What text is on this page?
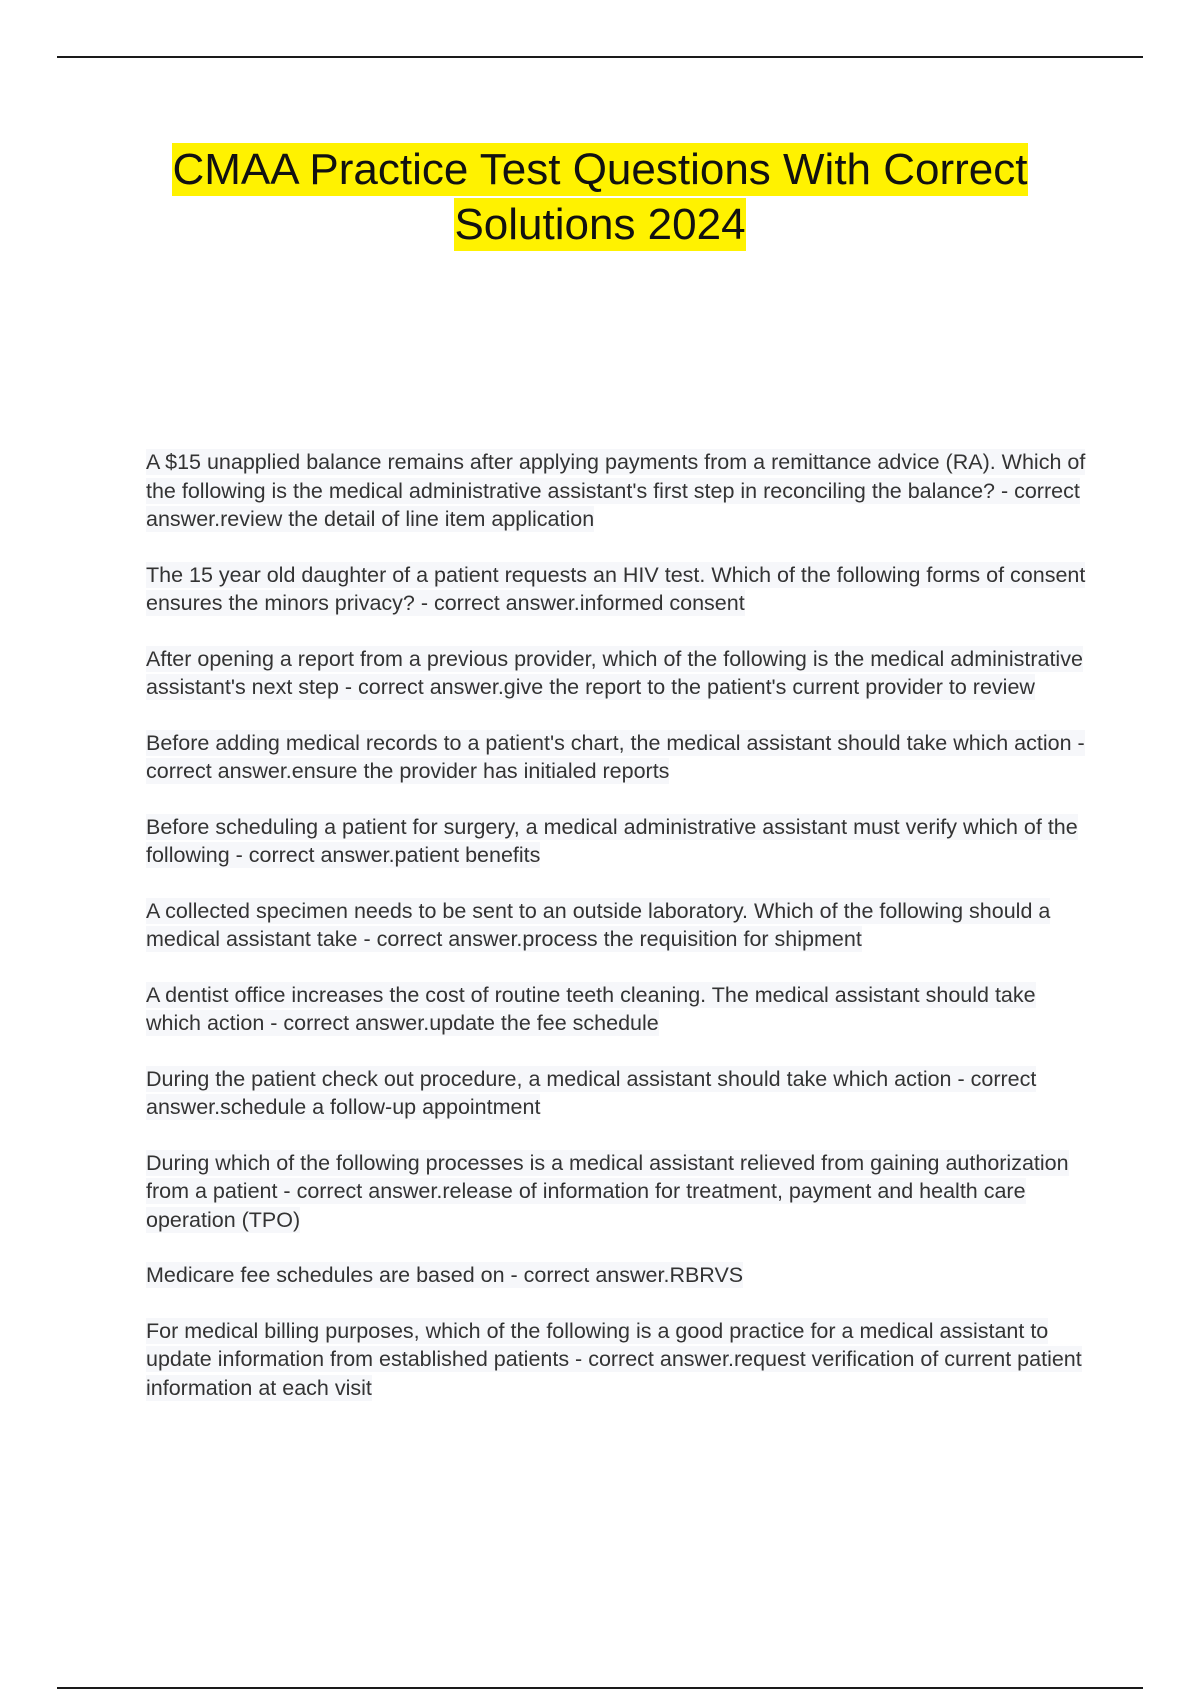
CMAA Practice Test Questions With Correct Solutions 2024
A $15 unapplied balance remains after applying payments from a remittance advice (RA). Which of the following is the medical administrative assistant's first step in reconciling the balance? - correct answer.review the detail of line item application
The 15 year old daughter of a patient requests an HIV test. Which of the following forms of consent ensures the minors privacy? - correct answer.informed consent
After opening a report from a previous provider, which of the following is the medical administrative assistant's next step - correct answer.give the report to the patient's current provider to review
Before adding medical records to a patient's chart, the medical assistant should take which action - correct answer.ensure the provider has initialed reports
Before scheduling a patient for surgery, a medical administrative assistant must verify which of the following - correct answer.patient benefits
A collected specimen needs to be sent to an outside laboratory. Which of the following should a medical assistant take - correct answer.process the requisition for shipment
A dentist office increases the cost of routine teeth cleaning. The medical assistant should take which action - correct answer.update the fee schedule
During the patient check out procedure, a medical assistant should take which action - correct answer.schedule a follow-up appointment
During which of the following processes is a medical assistant relieved from gaining authorization from a patient - correct answer.release of information for treatment, payment and health care operation (TPO)
Medicare fee schedules are based on - correct answer.RBRVS
For medical billing purposes, which of the following is a good practice for a medical assistant to update information from established patients - correct answer.request verification of current patient information at each visit
